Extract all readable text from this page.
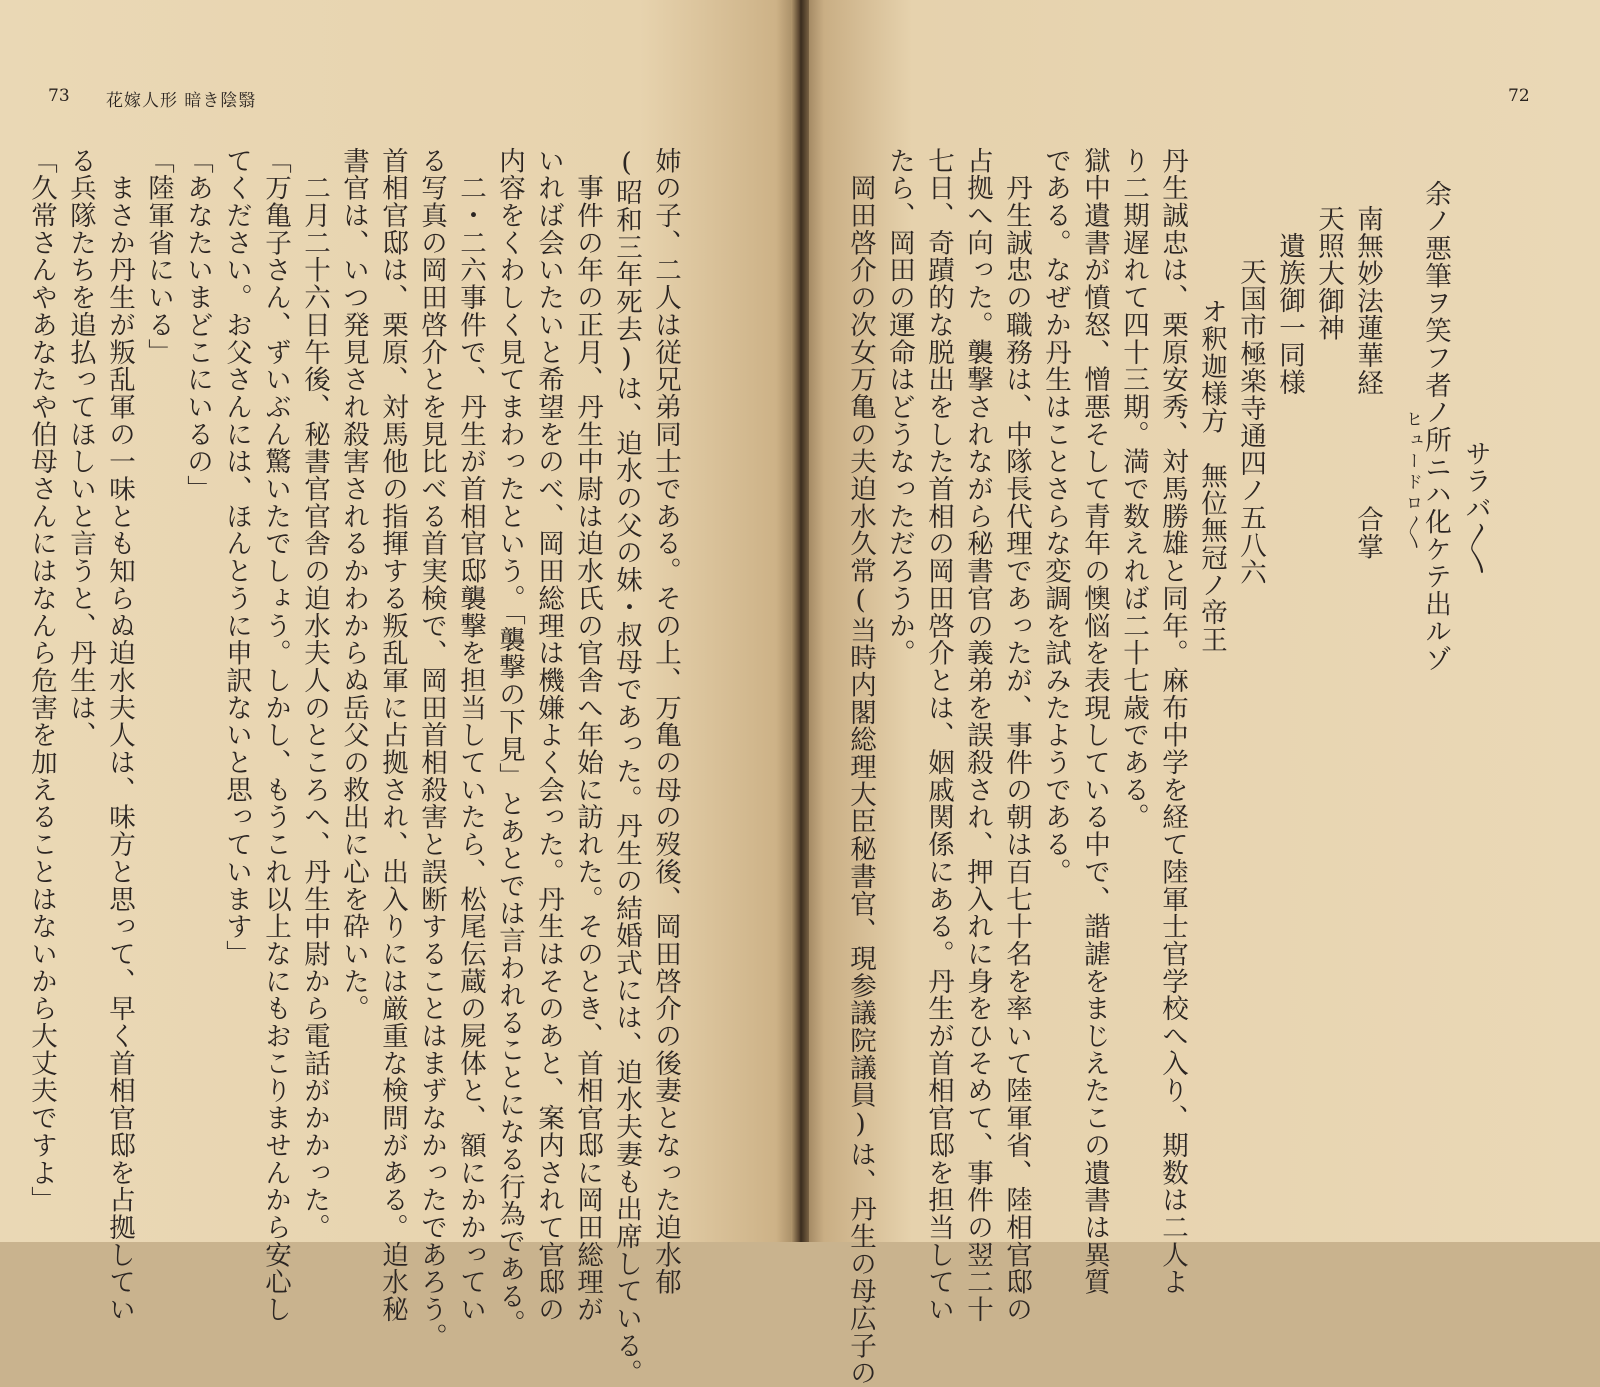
73 花嫁人形 暗き陰翳
姉の子、二人は従兄弟同士である。その上、万亀の母の歿後、岡田啓介の後妻となった迫水郁
(昭和三年死去)は、迫水の父の妹・叔母であった。丹生の結婚式には、迫水夫妻も出席している。
　事件の年の正月、丹生中尉は迫水氏の官舎へ年始に訪れた。そのとき、首相官邸に岡田総理が
いれば会いたいと希望をのべ、岡田総理は機嫌よく会った。丹生はそのあと、案内されて官邸の
内容をくわしく見てまわったという。「襲撃の下見」とあとでは言われることになる行為である。
　二・二六事件で、丹生が首相官邸襲撃を担当していたら、松尾伝蔵の屍体と、額にかかってい
る写真の岡田啓介とを見比べる首実検で、岡田首相殺害と誤断することはまずなかったであろう。
首相官邸は、栗原、対馬他の指揮する叛乱軍に占拠され、出入りには厳重な検問がある。迫水秘
書官は、いつ発見され殺害されるかわからぬ岳父の救出に心を砕いた。
　二月二十六日午後、秘書官官舎の迫水夫人のところへ、丹生中尉から電話がかかった。
「万亀子さん、ずいぶん驚いたでしょう。しかし、もうこれ以上なにもおこりませんから安心し
てください。お父さんには、ほんとうに申訳ないと思っています」
「あなたいまどこにいるの」
「陸軍省にいる」
　まさか丹生が叛乱軍の一味とも知らぬ迫水夫人は、味方と思って、早く首相官邸を占拠してい
る兵隊たちを追払ってほしいと言うと、丹生は、
「久常さんやあなたや伯母さんにはなんら危害を加えることはないから大丈夫ですよ」
72
サラバ〳〵
余ノ悪筆ヲ笑フ者ノ所ニハ化ケテ出ルゾ
ヒュードロ〳〵
南無妙法蓮華経　　　　合掌
天照大御神
遺族御一同様
天国市極楽寺通四ノ五八六
オ釈迦様方　無位無冠ノ帝王
丹生誠忠は、栗原安秀、対馬勝雄と同年。麻布中学を経て陸軍士官学校へ入り、期数は二人よ
り二期遅れて四十三期。満で数えれば二十七歳である。
獄中遺書が憤怒、憎悪そして青年の懊悩を表現している中で、諧謔をまじえたこの遺書は異質
である。なぜか丹生はことさらな変調を試みたようである。
　丹生誠忠の職務は、中隊長代理であったが、事件の朝は百七十名を率いて陸軍省、陸相官邸の
占拠へ向った。襲撃されながら秘書官の義弟を誤殺され、押入れに身をひそめて、事件の翌二十
七日、奇蹟的な脱出をした首相の岡田啓介とは、姻戚関係にある。丹生が首相官邸を担当してい
たら、岡田の運命はどうなっただろうか。
　岡田啓介の次女万亀の夫迫水久常(当時内閣総理大臣秘書官、現参議院議員)は、丹生の母広子の
